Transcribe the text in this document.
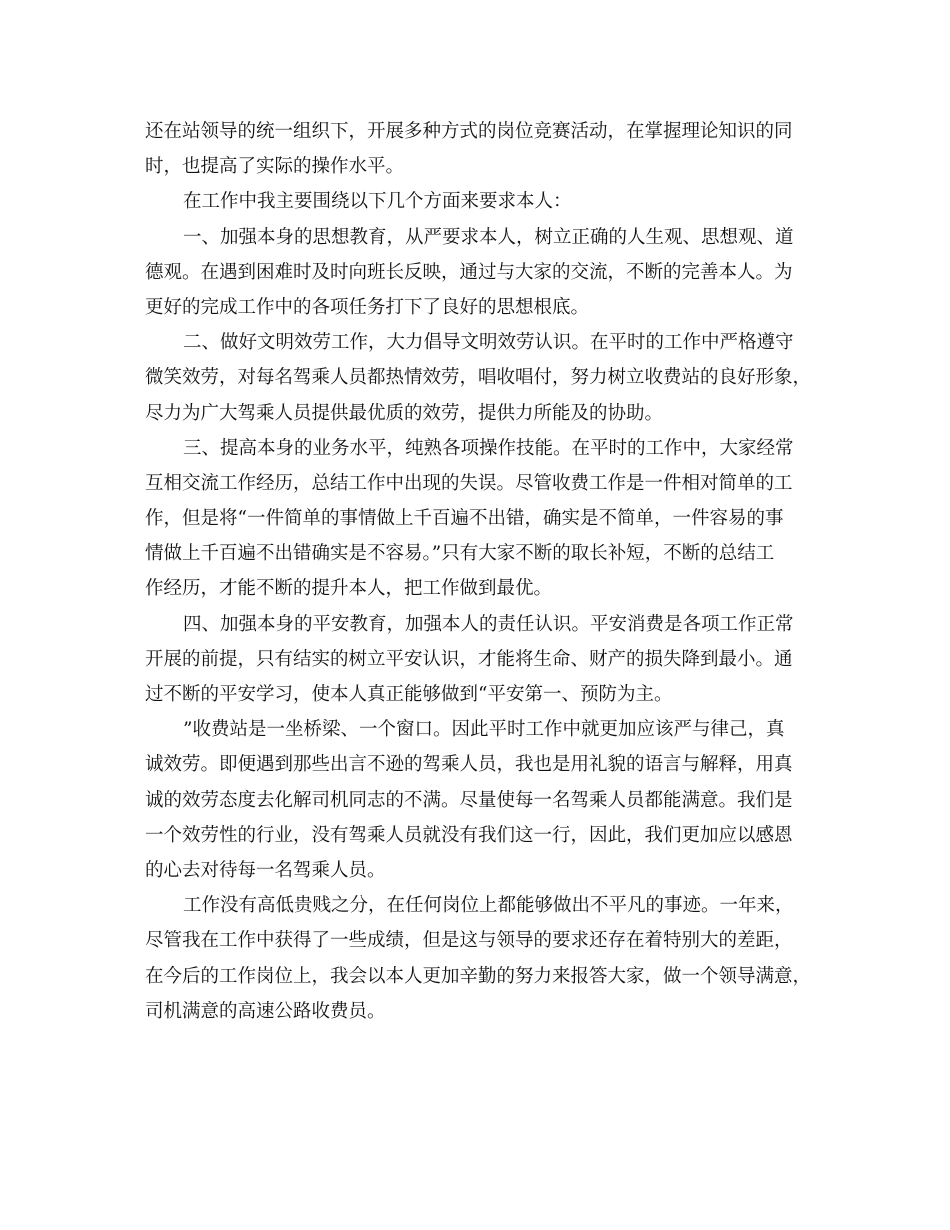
还在站领导的统一组织下，开展多种方式的岗位竞赛活动，在掌握理论知识的同
时，也提高了实际的操作水平。
在工作中我主要围绕以下几个方面来要求本人：
一、加强本身的思想教育，从严要求本人，树立正确的人生观、思想观、道
德观。在遇到困难时及时向班长反映，通过与大家的交流，不断的完善本人。为
更好的完成工作中的各项任务打下了良好的思想根底。
二、做好文明效劳工作，大力倡导文明效劳认识。在平时的工作中严格遵守
微笑效劳，对每名驾乘人员都热情效劳，唱收唱付，努力树立收费站的良好形象，
尽力为广大驾乘人员提供最优质的效劳，提供力所能及的协助。
三、提高本身的业务水平，纯熟各项操作技能。在平时的工作中，大家经常
互相交流工作经历，总结工作中出现的失误。尽管收费工作是一件相对简单的工
作，但是将“一件简单的事情做上千百遍不出错，确实是不简单，一件容易的事
情做上千百遍不出错确实是不容易。”只有大家不断的取长补短，不断的总结工
作经历，才能不断的提升本人，把工作做到最优。
四、加强本身的平安教育，加强本人的责任认识。平安消费是各项工作正常
开展的前提，只有结实的树立平安认识，才能将生命、财产的损失降到最小。通
过不断的平安学习，使本人真正能够做到“平安第一、预防为主。
”收费站是一坐桥梁、一个窗口。因此平时工作中就更加应该严与律己，真
诚效劳。即便遇到那些出言不逊的驾乘人员，我也是用礼貌的语言与解释，用真
诚的效劳态度去化解司机同志的不满。尽量使每一名驾乘人员都能满意。我们是
一个效劳性的行业，没有驾乘人员就没有我们这一行，因此，我们更加应以感恩
的心去对待每一名驾乘人员。
工作没有高低贵贱之分，在任何岗位上都能够做出不平凡的事迹。一年来，
尽管我在工作中获得了一些成绩，但是这与领导的要求还存在着特别大的差距，
在今后的工作岗位上，我会以本人更加辛勤的努力来报答大家，做一个领导满意，
司机满意的高速公路收费员。
